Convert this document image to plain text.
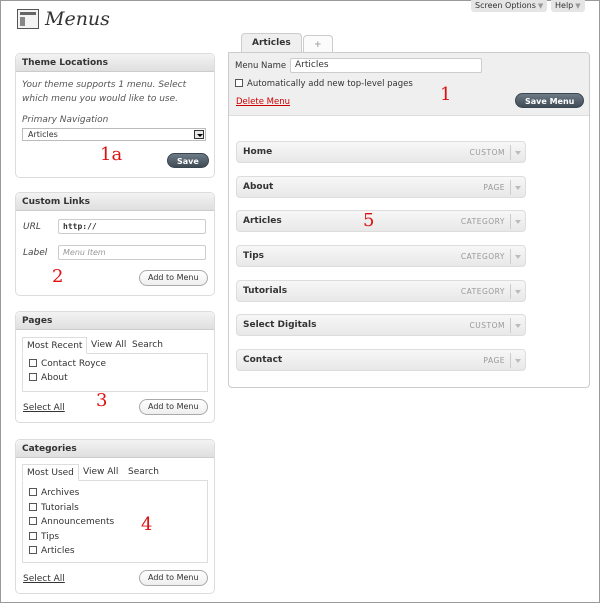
Menus
Screen Options ▼	Help ▼
Theme Locations
Your theme supports 1 menu. Select which menu you would like to use.
Primary Navigation
Articles
Save
1a
Custom Links
URL	http://
Label	Menu Item
Add to Menu
2
Pages
Most Recent View All Search
Contact Royce
About
Select All	Add to Menu
3
Categories
Most Used	View All	Search
Archives
Tutorials
Announcements
Tips
Articles
Select All	Add to Menu
4
Articles	+
Menu Name Articles
Automatically add new top-level pages
Delete Menu	Save Menu
1
Home	CUSTOM
About	PAGE
Articles	CATEGORY
Tips	CATEGORY
Tutorials	CATEGORY
Select Digitals	CUSTOM
Contact	PAGE
5
